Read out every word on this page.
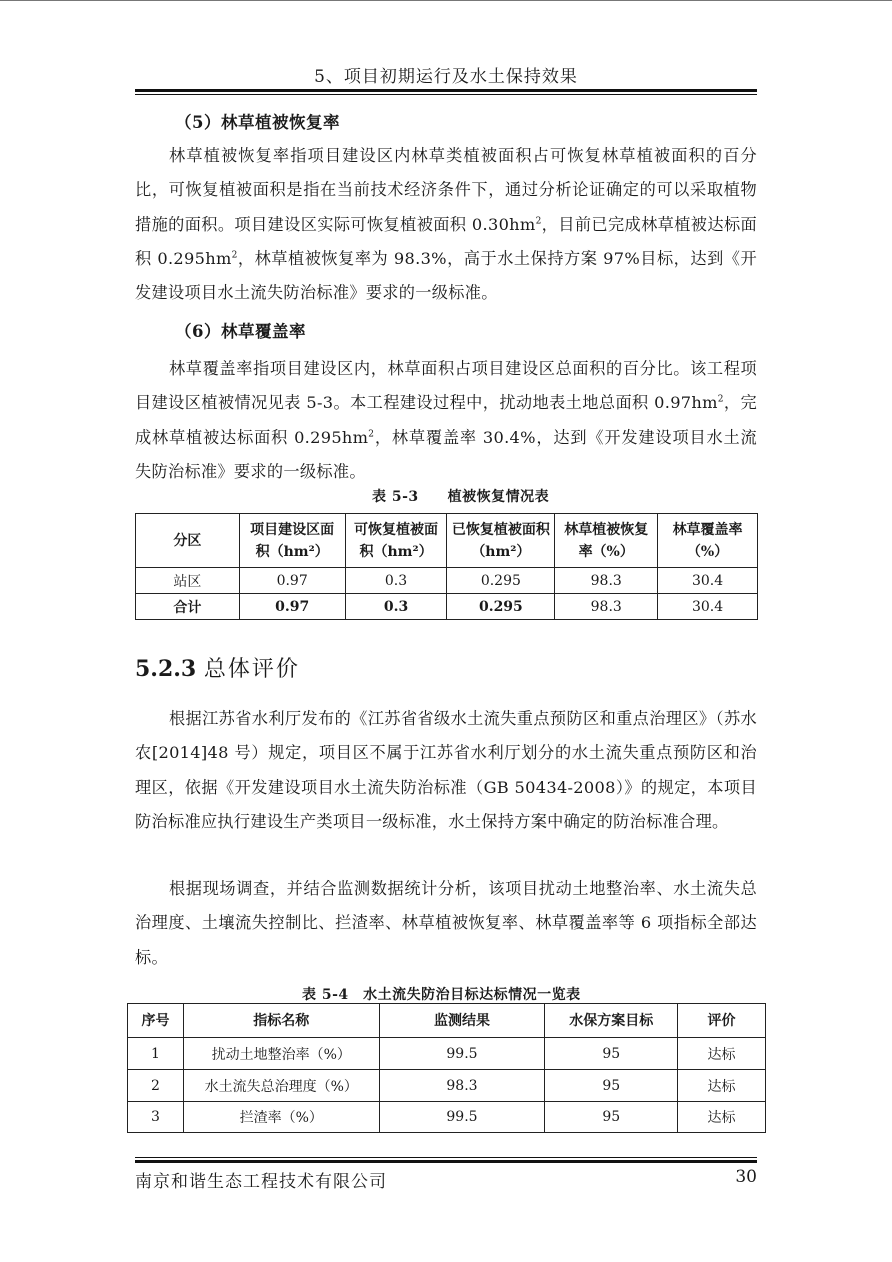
5、项目初期运行及水土保持效果
（5）林草植被恢复率

林草植被恢复率指项目建设区内林草类植被面积占可恢复林草植被面积的百分比，可恢复植被面积是指在当前技术经济条件下，通过分析论证确定的可以采取植物措施的面积。项目建设区实际可恢复植被面积 $0.30hm^2$，目前已完成林草植被达标面积 $0.295hm^2$，林草植被恢复率为 98.3%，高于水土保持方案 97%目标，达到《开发建设项目水土流失防治标准》要求的一级标准。

（6）林草覆盖率

林草覆盖率指项目建设区内，林草面积占项目建设区总面积的百分比。该工程项目建设区植被情况见表 5-3。本工程建设过程中，扰动地表土地总面积 $0.97hm^2$，完成林草植被达标面积 $0.295hm^2$，林草覆盖率 30.4%，达到《开发建设项目水土流失防治标准》要求的一级标准。

表 5-3　　植被恢复情况表
分区	项目建设区面积（hm²）	可恢复植被面积（hm²）	已恢复植被面积（hm²）	林草植被恢复率（%）	林草覆盖率（%）
站区	0.97	0.3	0.295	98.3	30.4
合计	0.97	0.3	0.295	98.3	30.4
5.2.3 总体评价

根据江苏省水利厅发布的《江苏省省级水土流失重点预防区和重点治理区》（苏水农[2014]48 号）规定，项目区不属于江苏省水利厅划分的水土流失重点预防区和治理区，依据《开发建设项目水土流失防治标准（GB 50434-2008）》的规定，本项目防治标准应执行建设生产类项目一级标准，水土保持方案中确定的防治标准合理。

根据现场调查，并结合监测数据统计分析，该项目扰动土地整治率、水土流失总治理度、土壤流失控制比、拦渣率、林草植被恢复率、林草覆盖率等 6 项指标全部达标。

表 5-4　水土流失防治目标达标情况一览表
序号	指标名称	监测结果	水保方案目标	评价
1	扰动土地整治率（%）	99.5	95	达标
2	水土流失总治理度（%）	98.3	95	达标
3	拦渣率（%）	99.5	95	达标
南京和谐生态工程技术有限公司	30
